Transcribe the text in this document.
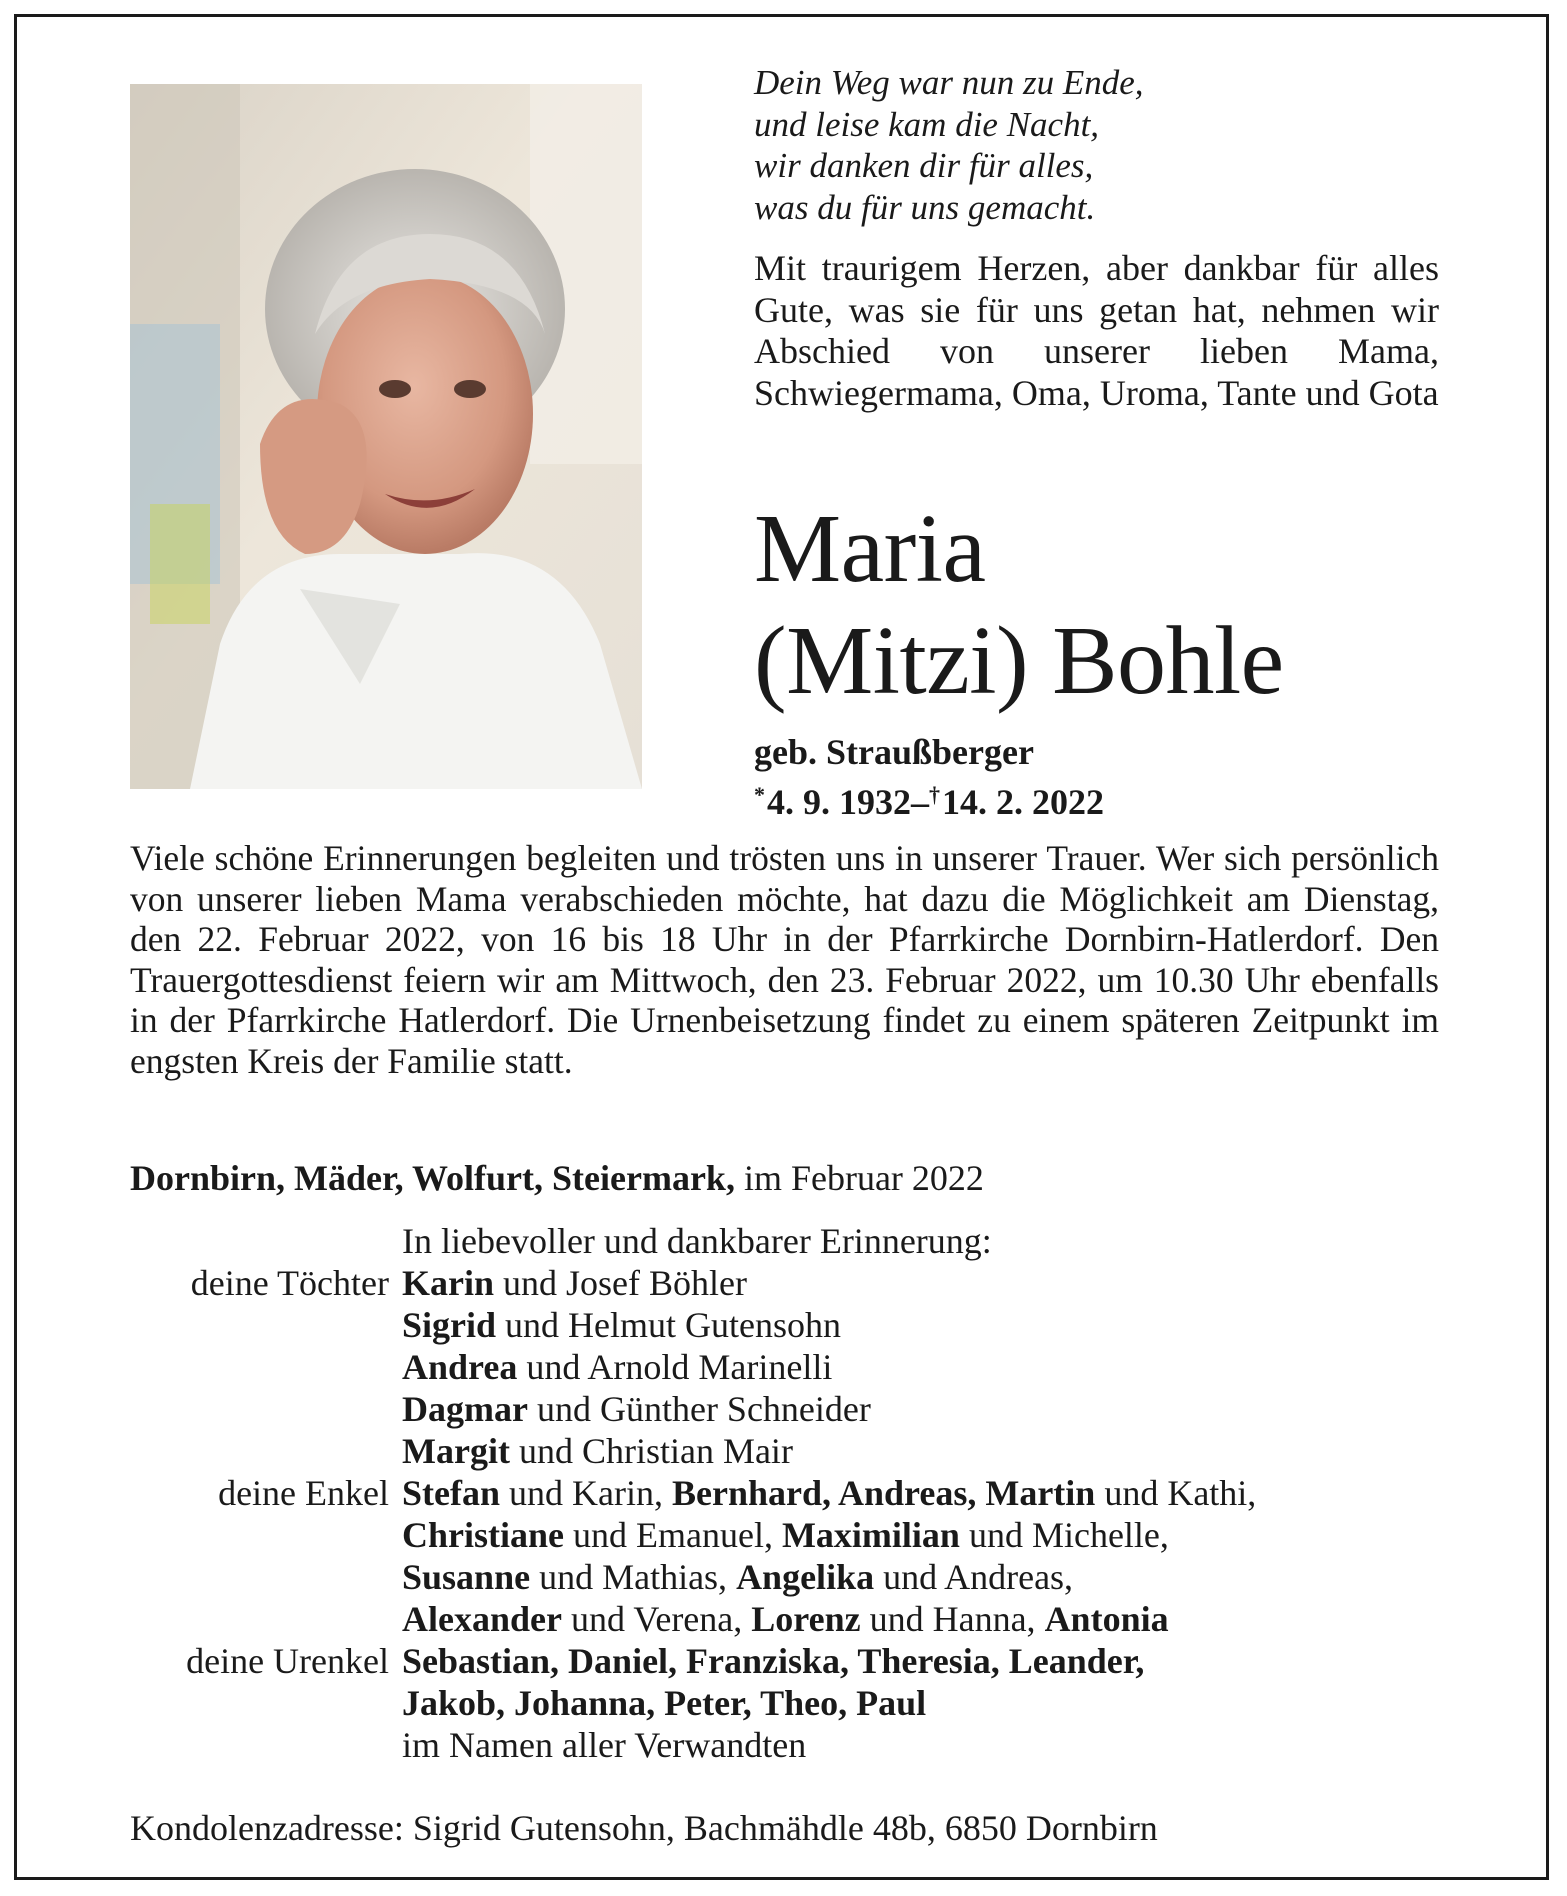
Dein Weg war nun zu Ende,
und leise kam die Nacht,
wir danken dir für alles,
was du für uns gemacht.
Mit traurigem Herzen, aber dankbar für alles Gute, was sie für uns getan hat, nehmen wir Abschied von unserer lieben Mama, Schwiegermama, Oma, Uroma, Tante und Gota
Maria
(Mitzi) Bohle
geb. Straußberger
*4. 9. 1932–†14. 2. 2022
Viele schöne Erinnerungen begleiten und trösten uns in unserer Trauer. Wer sich persönlich von unserer lieben Mama verabschieden möchte, hat dazu die Möglichkeit am Dienstag, den 22. Februar 2022, von 16 bis 18 Uhr in der Pfarrkirche Dornbirn-Hatlerdorf. Den Trauergottesdienst feiern wir am Mittwoch, den 23. Februar 2022, um 10.30 Uhr ebenfalls in der Pfarrkirche Hatlerdorf. Die Urnenbeisetzung findet zu einem späteren Zeitpunkt im engsten Kreis der Familie statt.
Dornbirn, Mäder, Wolfurt, Steiermark, im Februar 2022
In liebevoller und dankbarer Erinnerung:
deine Töchter Karin und Josef Böhler
Sigrid und Helmut Gutensohn
Andrea und Arnold Marinelli
Dagmar und Günther Schneider
Margit und Christian Mair
deine Enkel Stefan und Karin, Bernhard, Andreas, Martin und Kathi,
Christiane und Emanuel, Maximilian und Michelle,
Susanne und Mathias, Angelika und Andreas,
Alexander und Verena, Lorenz und Hanna, Antonia
deine Urenkel Sebastian, Daniel, Franziska, Theresia, Leander,
Jakob, Johanna, Peter, Theo, Paul
im Namen aller Verwandten
Kondolenzadresse: Sigrid Gutensohn, Bachmähdle 48b, 6850 Dornbirn
